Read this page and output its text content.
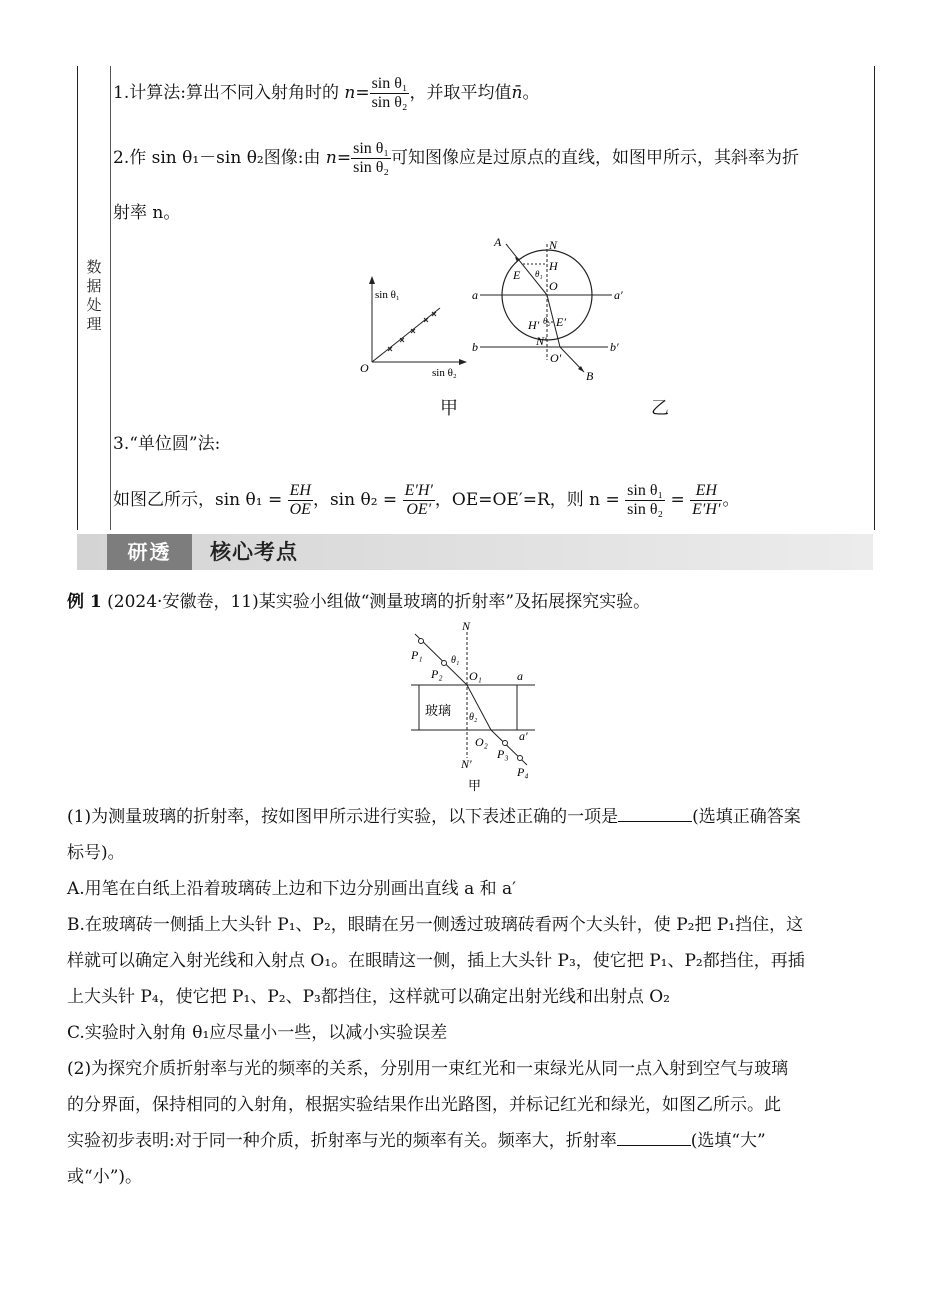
数
据
处
理
1.计算法:算出不同入射角时的 $n= \frac{\text{sin θ₁}}{\text{sin θ₂}}$ ，并取平均值n̄。
2.作 sin θ₁－sin θ₂图像:由 $n= \frac{\text{sin θ₁}}{\text{sin θ₂}}$ 可知图像应是过原点的直线，如图甲所示，其斜率为折
射率 n。
sin θ₁
sin θ₂
O
A	N
E θ₁
H
O
a	a′
H′ θ₂ E′
N′
b	b′
O′
B
甲	乙
3.“单位圆”法:
如图乙所示，$\sin \theta_1 = \frac{EH}{OE}$ ，$\sin \theta_2 = \frac{E'H'}{OE'}$ ，OE=OE′=R，则 $n = \frac{\text{sin θ₁}}{\text{sin θ₂}} = \frac{EH}{E'H'}$ 。
研透	核心考点
例 1 (2024·安徽卷，11)某实验小组做“测量玻璃的折射率”及拓展探究实验。
N
P₁	θ₁
P₂ O₁	a
玻璃 θ₂
O₂
P₃
a′
N′
P₄
甲
(1)为测量玻璃的折射率，按如图甲所示进行实验，以下表述正确的一项是	(选填正确答案
标号)。
A.用笔在白纸上沿着玻璃砖上边和下边分别画出直线 a 和 a′
B.在玻璃砖一侧插上大头针 P₁、P₂，眼睛在另一侧透过玻璃砖看两个大头针，使 P₂把 P₁挡住，这
样就可以确定入射光线和入射点 O₁。在眼睛这一侧，插上大头针 P₃，使它把 P₁、P₂都挡住，再插
上大头针 P₄，使它把 P₁、P₂、P₃都挡住，这样就可以确定出射光线和出射点 O₂
C.实验时入射角 θ₁应尽量小一些，以减小实验误差
(2)为探究介质折射率与光的频率的关系，分别用一束红光和一束绿光从同一点入射到空气与玻璃
的分界面，保持相同的入射角，根据实验结果作出光路图，并标记红光和绿光，如图乙所示。此
实验初步表明:对于同一种介质，折射率与光的频率有关。频率大，折射率	(选填“大”
或“小”)。
